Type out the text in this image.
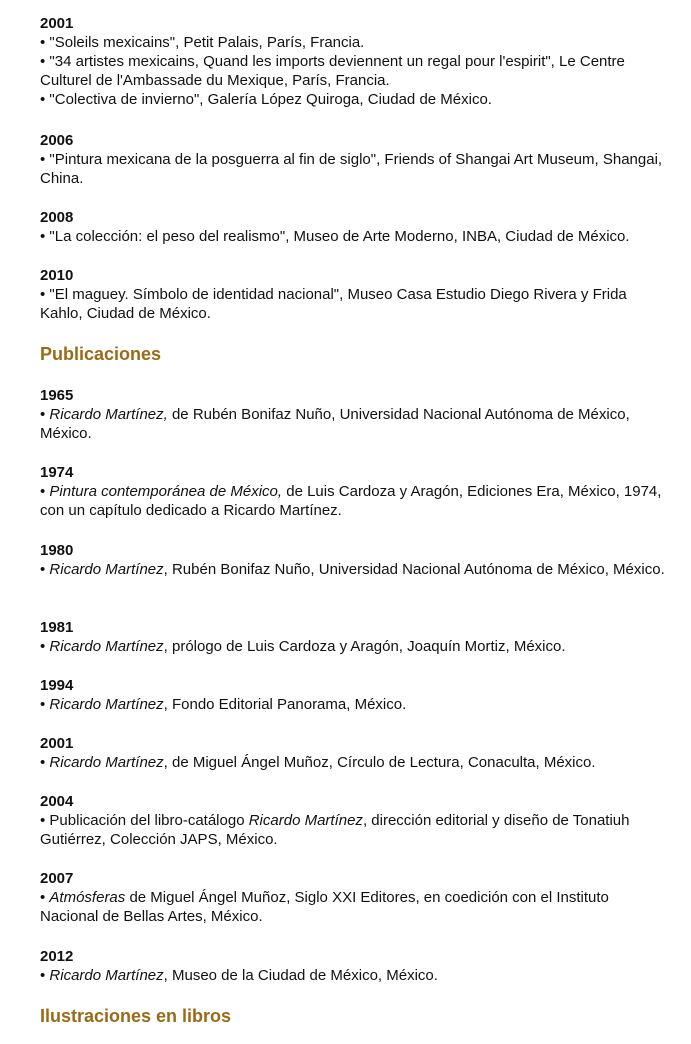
2001
• "Soleils mexicains", Petit Palais, París, Francia.
• "34 artistes mexicains, Quand les imports deviennent un regal pour l'espirit", Le Centre Culturel de l'Ambassade du Mexique, París, Francia.
• "Colectiva de invierno", Galería López Quiroga, Ciudad de México.
2006
• "Pintura mexicana de la posguerra al fin de siglo", Friends of Shangai Art Museum, Shangai, China.
2008
• "La colección: el peso del realismo", Museo de Arte Moderno, INBA, Ciudad de México.
2010
• "El maguey. Símbolo de identidad nacional", Museo Casa Estudio Diego Rivera y Frida Kahlo, Ciudad de México.
Publicaciones
1965
• Ricardo Martínez, de Rubén Bonifaz Nuño, Universidad Nacional Autónoma de México, México.
1974
• Pintura contemporánea de México, de Luis Cardoza y Aragón, Ediciones Era, México, 1974, con un capítulo dedicado a Ricardo Martínez.
1980
• Ricardo Martínez, Rubén Bonifaz Nuño, Universidad Nacional Autónoma de México, México.
1981
• Ricardo Martínez, prólogo de Luis Cardoza y Aragón, Joaquín Mortiz, México.
1994
• Ricardo Martínez, Fondo Editorial Panorama, México.
2001
• Ricardo Martínez, de Miguel Ángel Muñoz, Círculo de Lectura, Conaculta, México.
2004
• Publicación del libro-catálogo Ricardo Martínez, dirección editorial y diseño de Tonatiuh Gutiérrez, Colección JAPS, México.
2007
• Atmósferas de Miguel Ángel Muñoz, Siglo XXI Editores, en coedición con el Instituto Nacional de Bellas Artes, México.
2012
• Ricardo Martínez, Museo de la Ciudad de México, México.
Ilustraciones en libros
